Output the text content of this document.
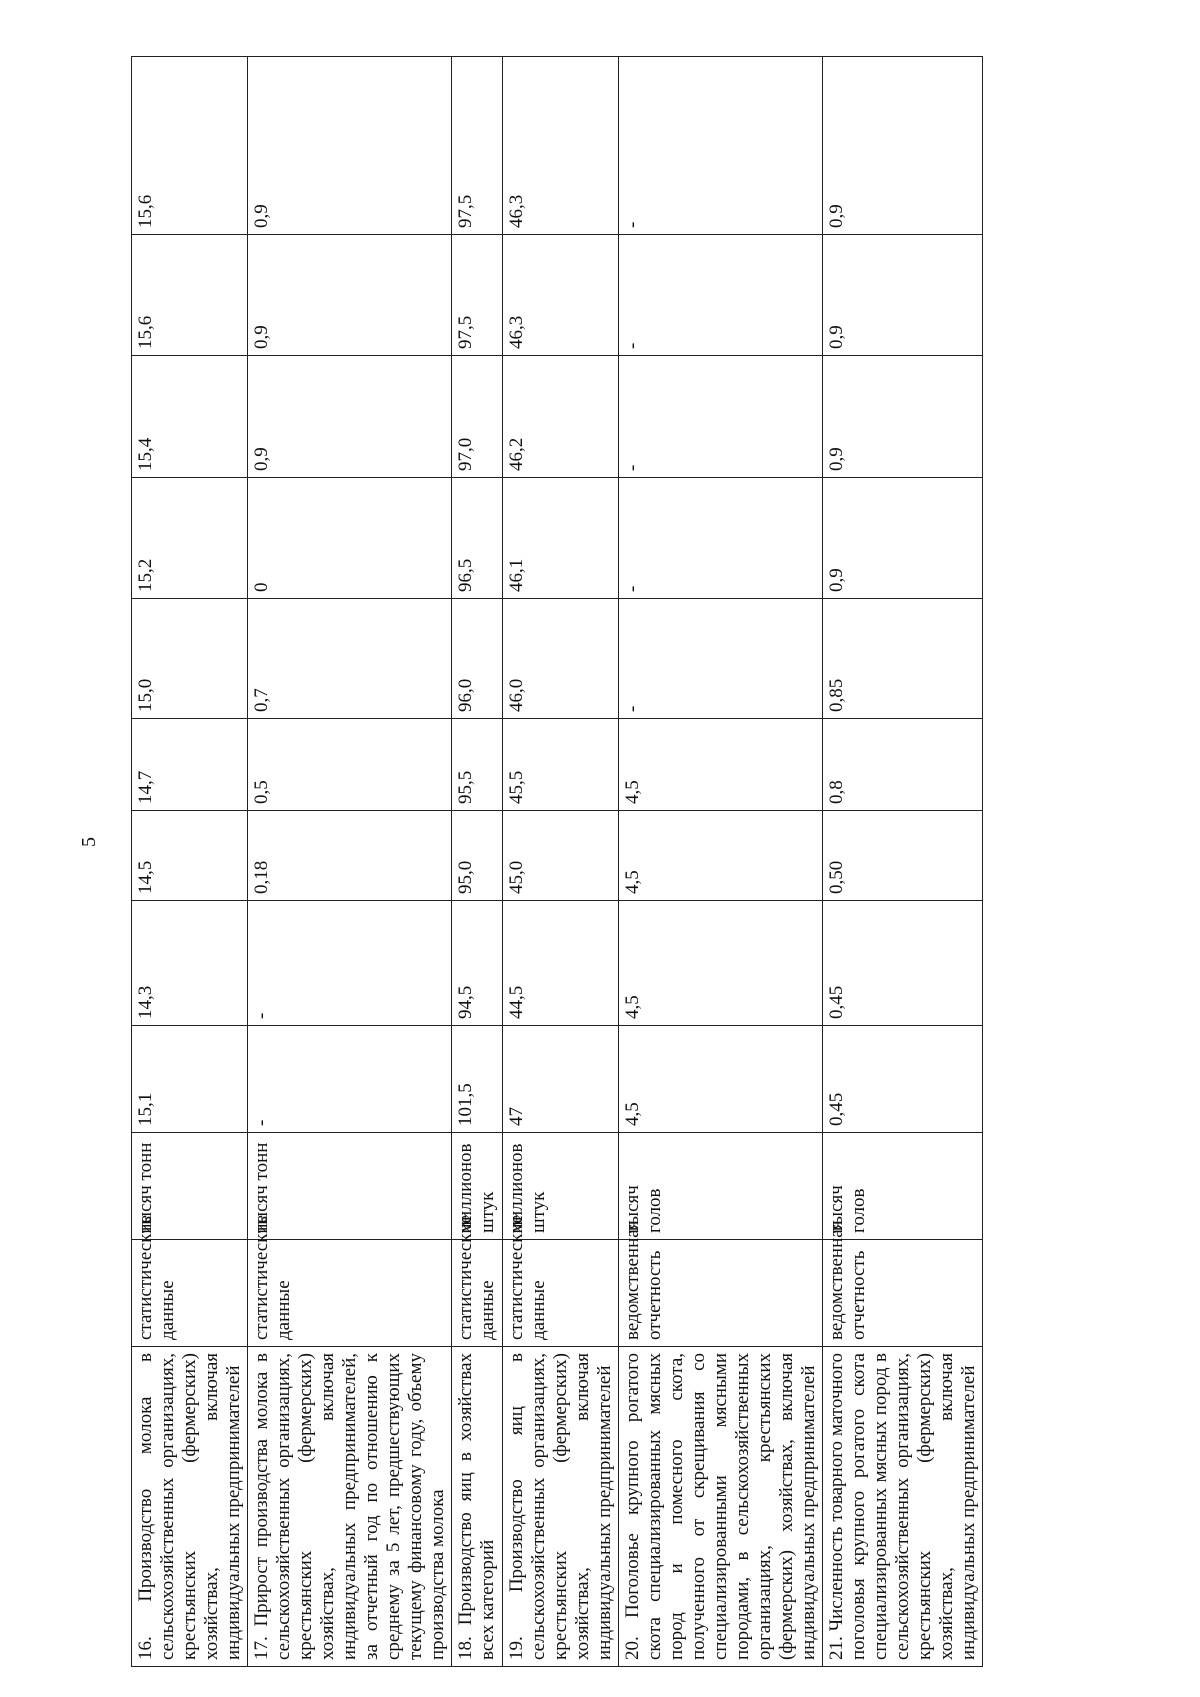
5
16. Производство молока в сельскохозяйственных организациях, крестьянских (фермерских) хозяйствах, включая индивидуальных предпринимателей	статистические данные	тысяч тонн	15,1	14,3	14,5	14,7	15,0	15,2	15,4	15,6	15,6
17. Прирост производства молока в сельскохозяйственных организациях, крестьянских (фермерских) хозяйствах, включая индивидуальных предпринимателей, за отчетный год по отношению к среднему за 5 лет, предшествующих текущему финансовому году, объему производства молока	статистические данные	тысяч тонн	-	-	0,18	0,5	0,7	0	0,9	0,9	0,9
18. Производство яиц в хозяйствах всех категорий	статистические данные	миллионов штук	101,5	94,5	95,0	95,5	96,0	96,5	97,0	97,5	97,5
19. Производство яиц в сельскохозяйственных организациях, крестьянских (фермерских) хозяйствах, включая индивидуальных предпринимателей	статистические данные	миллионов штук	47	44,5	45,0	45,5	46,0	46,1	46,2	46,3	46,3
20. Поголовье крупного рогатого скота специализированных мясных пород и помесного скота, полученного от скрещивания со специализированными мясными породами, в сельскохозяйственных организациях, крестьянских (фермерских) хозяйствах, включая индивидуальных предпринимателей	ведомственная отчетность	тысяч голов	4,5	4,5	4,5	4,5	-	-	-	-	-
21. Численность товарного маточного поголовья крупного рогатого скота специализированных мясных пород в сельскохозяйственных организациях, крестьянских (фермерских) хозяйствах, включая индивидуальных предпринимателей	ведомственная отчетность	тысяч голов	0,45	0,45	0,50	0,8	0,85	0,9	0,9	0,9	0,9
